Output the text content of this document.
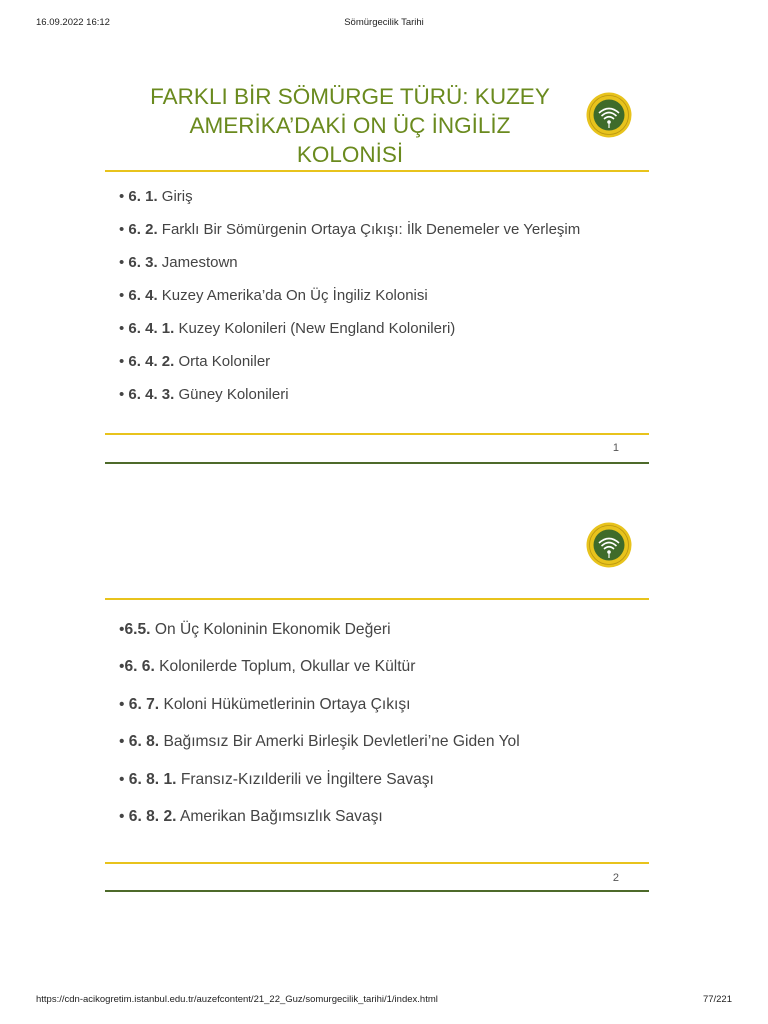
16.09.2022 16:12	Sömürgecilik Tarihi
FARKLI BİR SÖMÜRGE TÜRÜ: KUZEY
AMERİKA’DAKİ ON ÜÇ İNGİLİZ
KOLONİSİ
• 6. 1. Giriş
• 6. 2. Farklı Bir Sömürgenin Ortaya Çıkışı: İlk Denemeler ve Yerleşim
• 6. 3. Jamestown
• 6. 4. Kuzey Amerika’da On Üç İngiliz Kolonisi
• 6. 4. 1. Kuzey Kolonileri (New England Kolonileri)
• 6. 4. 2. Orta Koloniler
• 6. 4. 3. Güney Kolonileri
1
•6.5. On Üç Koloninin Ekonomik Değeri
•6. 6. Kolonilerde Toplum, Okullar ve Kültür
• 6. 7. Koloni Hükümetlerinin Ortaya Çıkışı
• 6. 8. Bağımsız Bir Amerki Birleşik Devletleri’ne Giden Yol
• 6. 8. 1. Fransız-Kızılderili ve İngiltere Savaşı
• 6. 8. 2. Amerikan Bağımsızlık Savaşı
2
https://cdn-acikogretim.istanbul.edu.tr/auzefcontent/21_22_Guz/somurgecilik_tarihi/1/index.html	77/221
